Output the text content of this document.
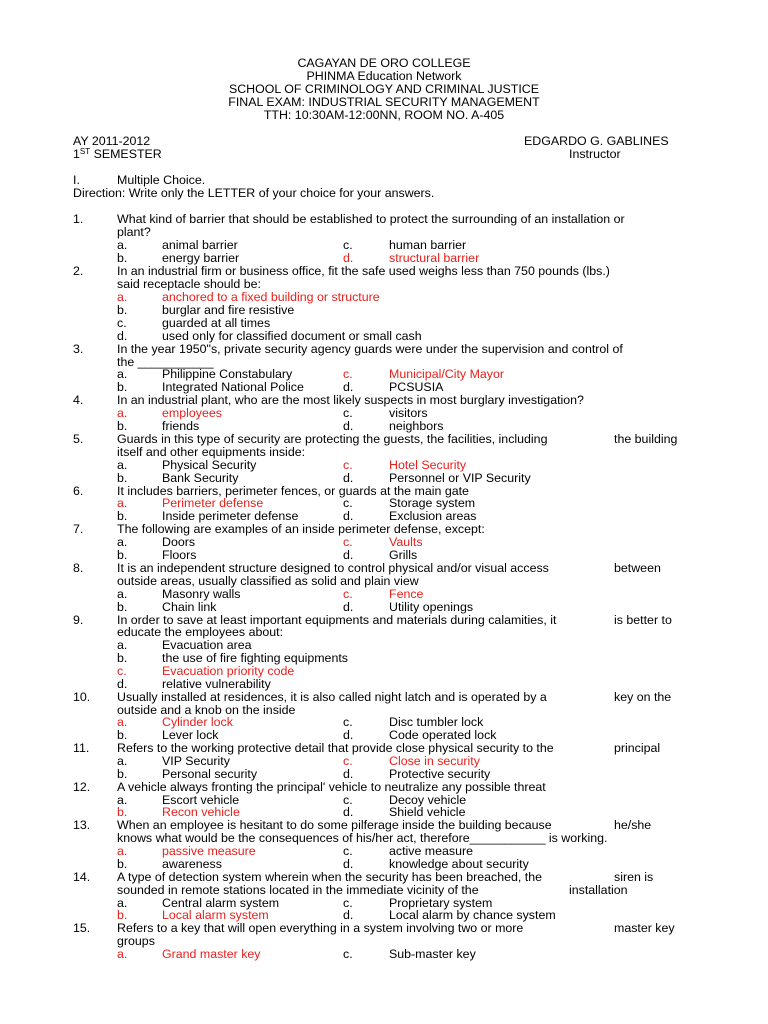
CAGAYAN DE ORO COLLEGE
PHINMA Education Network
SCHOOL OF CRIMINOLOGY AND CRIMINAL JUSTICE
FINAL EXAM: INDUSTRIAL SECURITY MANAGEMENT
TTH: 10:30AM-12:00NN, ROOM NO. A-405
AY 2011-2012	EDGARDO G. GABLINES
1ST SEMESTER	Instructor
I.	Multiple Choice.
Direction: Write only the LETTER of your choice for your answers.
1.	What kind of barrier that should be established to protect the surrounding of an installation or
plant?
a.	animal barrier	c.	human barrier
b.	energy barrier	d.	structural barrier
2.	In an industrial firm or business office, fit the safe used weighs less than 750 pounds (lbs.)
said receptacle should be:
a.	anchored to a fixed building or structure
b.	burglar and fire resistive
c.	guarded at all times
d.	used only for classified document or small cash
3.	In the year 1950"s, private security agency guards were under the supervision and control of
the ___________
a.	Philippine Constabulary	c.	Municipal/City Mayor
b.	Integrated National Police	d.	PCSUSIA
4.	In an industrial plant, who are the most likely suspects in most burglary investigation?
a.	employees	c.	visitors
b.	friends	d.	neighbors
5.	Guards in this type of security are protecting the guests, the facilities, including	the building
itself and other equipments inside:
a.	Physical Security	c.	Hotel Security
b.	Bank Security	d.	Personnel or VIP Security
6.	It includes barriers, perimeter fences, or guards at the main gate
a.	Perimeter defense	c.	Storage system
b.	Inside perimeter defense	d.	Exclusion areas
7.	The following are examples of an inside perimeter defense, except:
a.	Doors	c.	Vaults
b.	Floors	d.	Grills
8.	It is an independent structure designed to control physical and/or visual access	between
outside areas, usually classified as solid and plain view
a.	Masonry walls	c.	Fence
b.	Chain link	d.	Utility openings
9.	In order to save at least important equipments and materials during calamities, it	is better to
educate the employees about:
a.	Evacuation area
b.	the use of fire fighting equipments
c.	Evacuation priority code
d.	relative vulnerability
10. Usually installed at residences, it is also called night latch and is operated by a	key on the
outside and a knob on the inside
a.	Cylinder lock	c.	Disc tumbler lock
b.	Lever lock	d.	Code operated lock
11. Refers to the working protective detail that provide close physical security to the	principal
a.	VIP Security	c.	Close in security
b.	Personal security	d.	Protective security
12. A vehicle always fronting the principal' vehicle to neutralize any possible threat
a.	Escort vehicle	c.	Decoy vehicle
b.	Recon vehicle	d.	Shield vehicle
13. When an employee is hesitant to do some pilferage inside the building because	he/she
knows what would be the consequences of his/her act, therefore___________ is working.
a.	passive measure	c.	active measure
b.	awareness	d.	knowledge about security
14. A type of detection system wherein when the security has been breached, the	siren is
sounded in remote stations located in the immediate vicinity of the	installation
a.	Central alarm system	c.	Proprietary system
b.	Local alarm system	d.	Local alarm by chance system
15. Refers to a key that will open everything in a system involving two or more	master key
groups
a.	Grand master key	c.	Sub-master key
